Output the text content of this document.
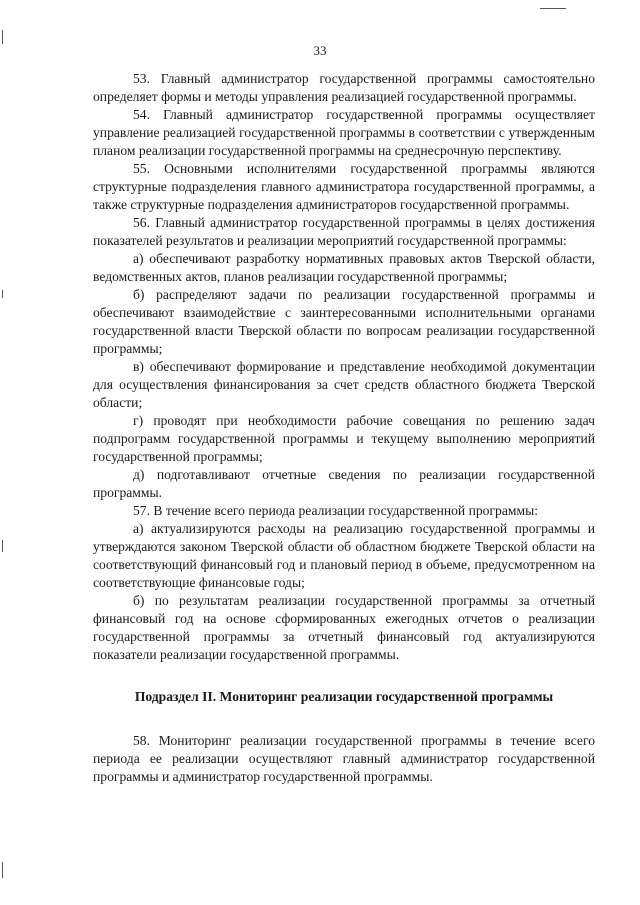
33

53. Главный администратор государственной программы самостоятельно определяет формы и методы управления реализацией государственной программы.

54. Главный администратор государственной программы осуществляет управление реализацией государственной программы в соответствии с утвержденным планом реализации государственной программы на среднесрочную перспективу.

55. Основными исполнителями государственной программы являются структурные подразделения главного администратора государственной программы, а также структурные подразделения администраторов государственной программы.

56. Главный администратор государственной программы в целях достижения показателей результатов и реализации мероприятий государственной программы:

а) обеспечивают разработку нормативных правовых актов Тверской области, ведомственных актов, планов реализации государственной программы;

б) распределяют задачи по реализации государственной программы и обеспечивают взаимодействие с заинтересованными исполнительными органами государственной власти Тверской области по вопросам реализации государственной программы;

в) обеспечивают формирование и представление необходимой документации для осуществления финансирования за счет средств областного бюджета Тверской области;

г) проводят при необходимости рабочие совещания по решению задач подпрограмм государственной программы и текущему выполнению мероприятий государственной программы;

д) подготавливают отчетные сведения по реализации государственной программы.

57. В течение всего периода реализации государственной программы:

а) актуализируются расходы на реализацию государственной программы и утверждаются законом Тверской области об областном бюджете Тверской области на соответствующий финансовый год и плановый период в объеме, предусмотренном на соответствующие финансовые годы;

б) по результатам реализации государственной программы за отчетный финансовый год на основе сформированных ежегодных отчетов о реализации государственной программы за отчетный финансовый год актуализируются показатели реализации государственной программы.

Подраздел II. Мониторинг реализации государственной программы

58. Мониторинг реализации государственной программы в течение всего периода ее реализации осуществляют главный администратор государственной программы и администратор государственной программы.
